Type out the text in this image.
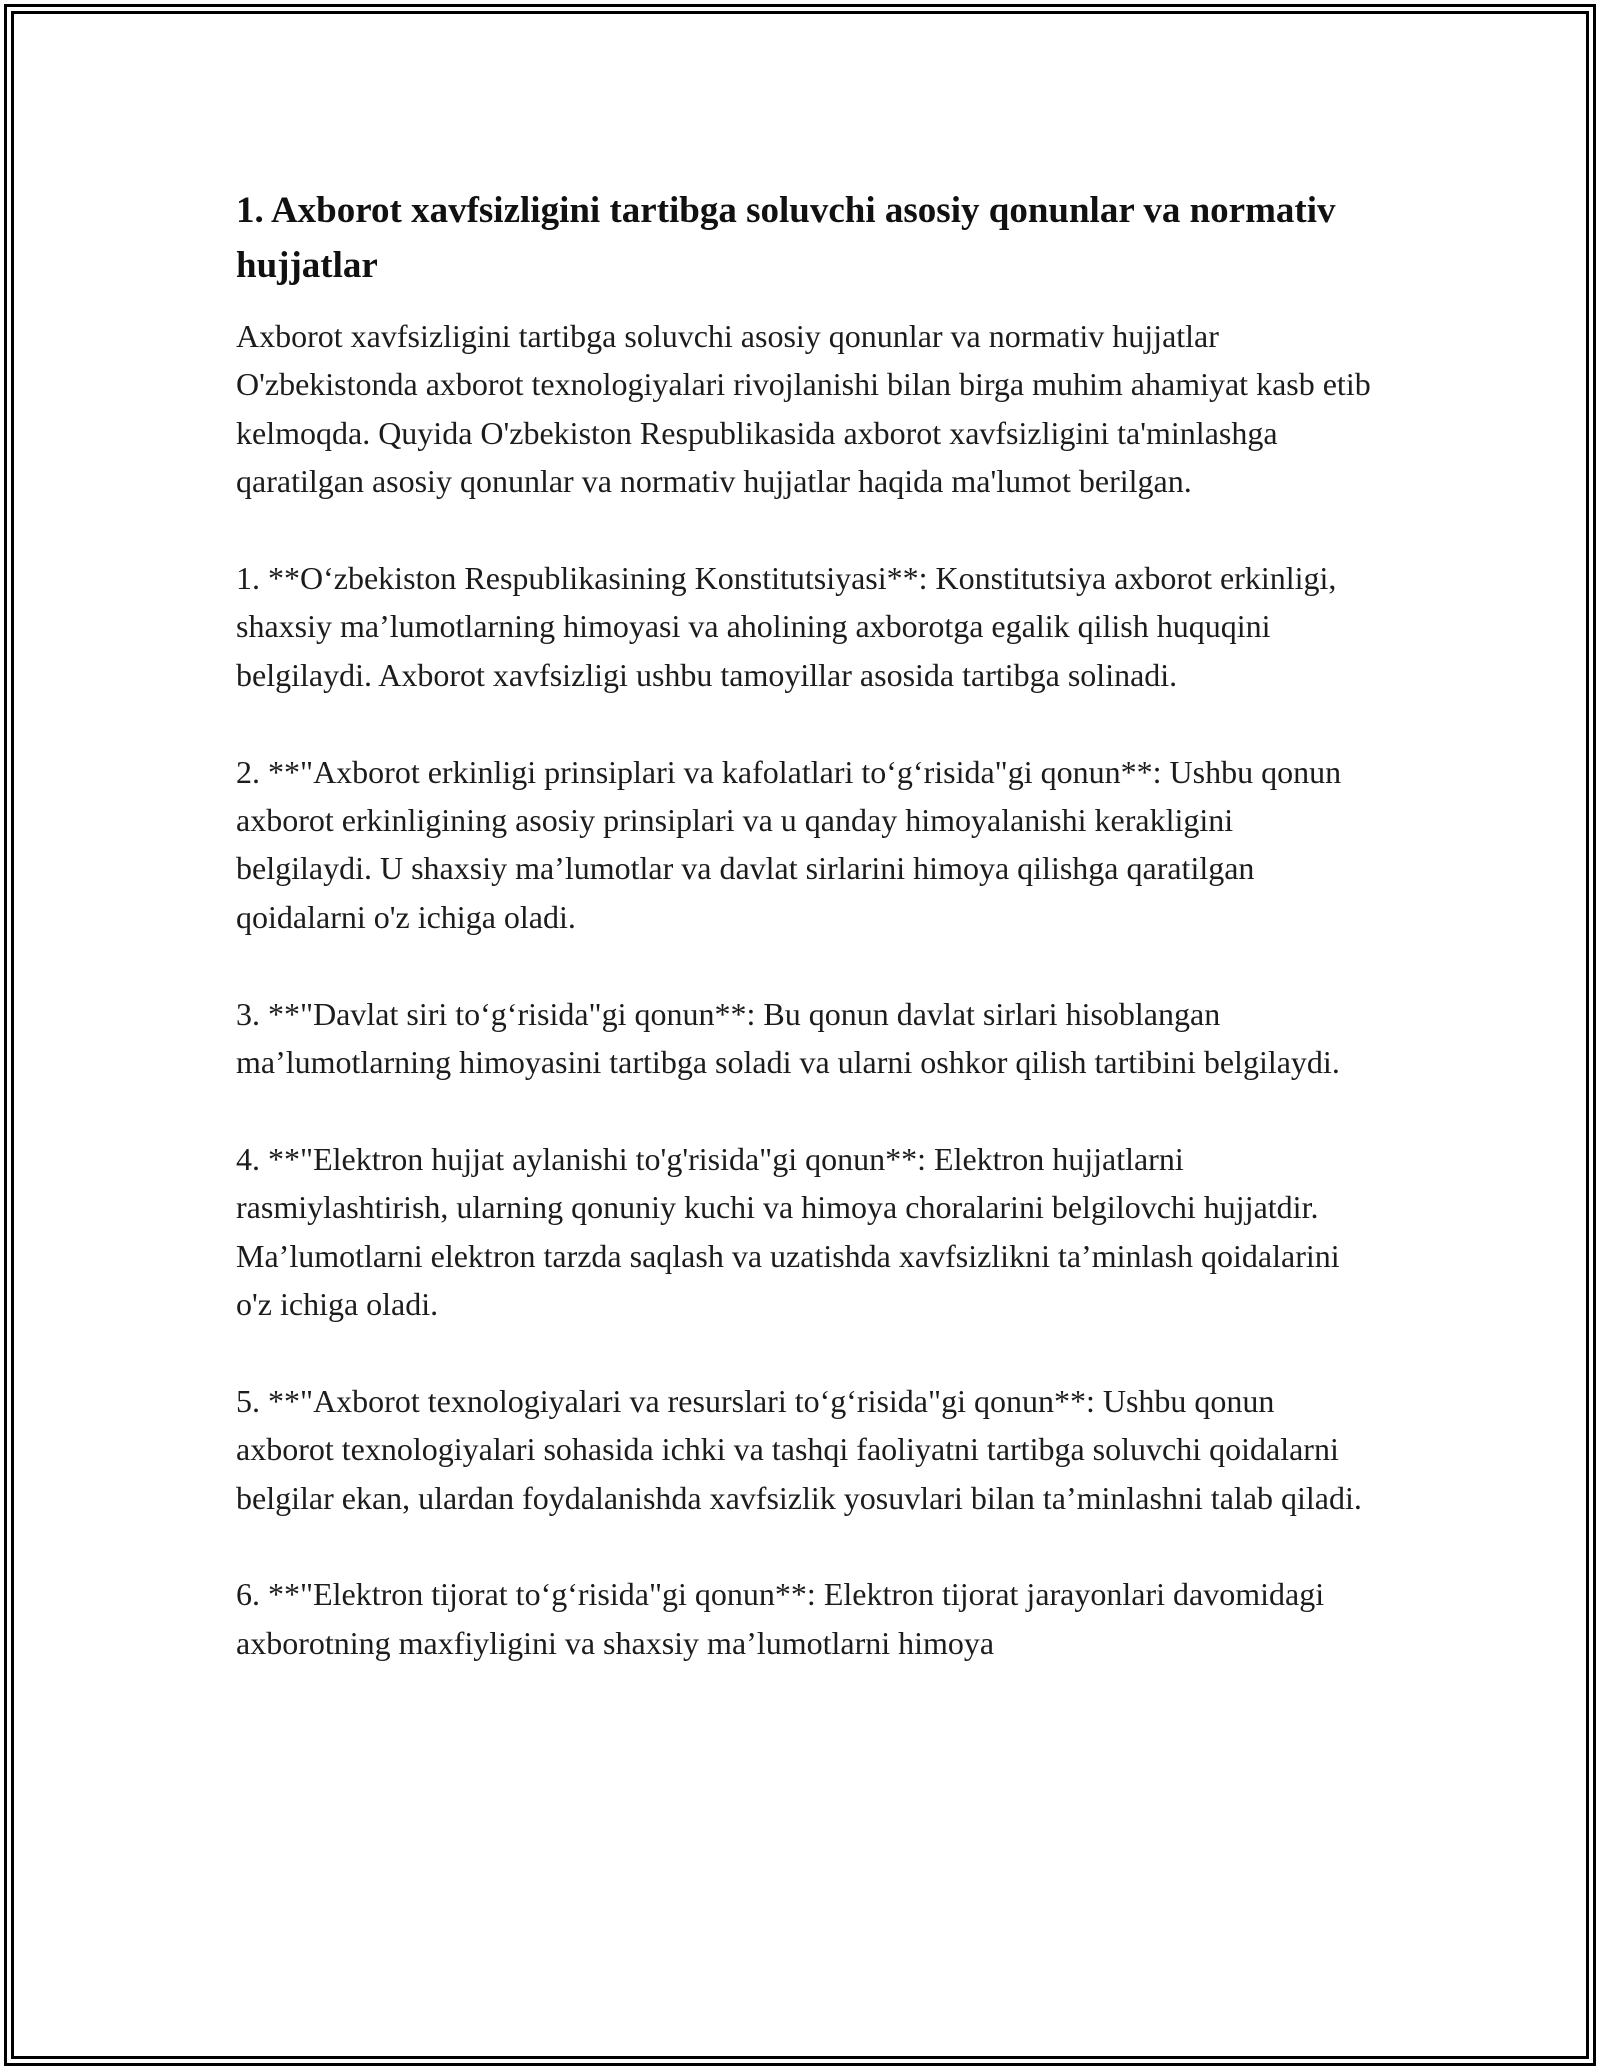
1. Axborot xavfsizligini tartibga soluvchi asosiy qonunlar va normativ hujjatlar

Axborot xavfsizligini tartibga soluvchi asosiy qonunlar va normativ hujjatlar O'zbekistonda axborot texnologiyalari rivojlanishi bilan birga muhim ahamiyat kasb etib kelmoqda. Quyida O'zbekiston Respublikasida axborot xavfsizligini ta'minlashga qaratilgan asosiy qonunlar va normativ hujjatlar haqida ma'lumot berilgan.

1. **O‘zbekiston Respublikasining Konstitutsiyasi**: Konstitutsiya axborot erkinligi, shaxsiy ma’lumotlarning himoyasi va aholining axborotga egalik qilish huquqini belgilaydi. Axborot xavfsizligi ushbu tamoyillar asosida tartibga solinadi.

2. **"Axborot erkinligi prinsiplari va kafolatlari to‘g‘risida"gi qonun**: Ushbu qonun axborot erkinligining asosiy prinsiplari va u qanday himoyalanishi kerakligini belgilaydi. U shaxsiy ma’lumotlar va davlat sirlarini himoya qilishga qaratilgan qoidalarni o'z ichiga oladi.

3. **"Davlat siri to‘g‘risida"gi qonun**: Bu qonun davlat sirlari hisoblangan ma’lumotlarning himoyasini tartibga soladi va ularni oshkor qilish tartibini belgilaydi.

4. **"Elektron hujjat aylanishi to'g'risida"gi qonun**: Elektron hujjatlarni rasmiylashtirish, ularning qonuniy kuchi va himoya choralarini belgilovchi hujjatdir. Ma’lumotlarni elektron tarzda saqlash va uzatishda xavfsizlikni ta’minlash qoidalarini o'z ichiga oladi.

5. **"Axborot texnologiyalari va resurslari to‘g‘risida"gi qonun**: Ushbu qonun axborot texnologiyalari sohasida ichki va tashqi faoliyatni tartibga soluvchi qoidalarni belgilar ekan, ulardan foydalanishda xavfsizlik yosuvlari bilan ta’minlashni talab qiladi.

6. **"Elektron tijorat to‘g‘risida"gi qonun**: Elektron tijorat jarayonlari davomidagi axborotning maxfiyligini va shaxsiy ma’lumotlarni himoya
